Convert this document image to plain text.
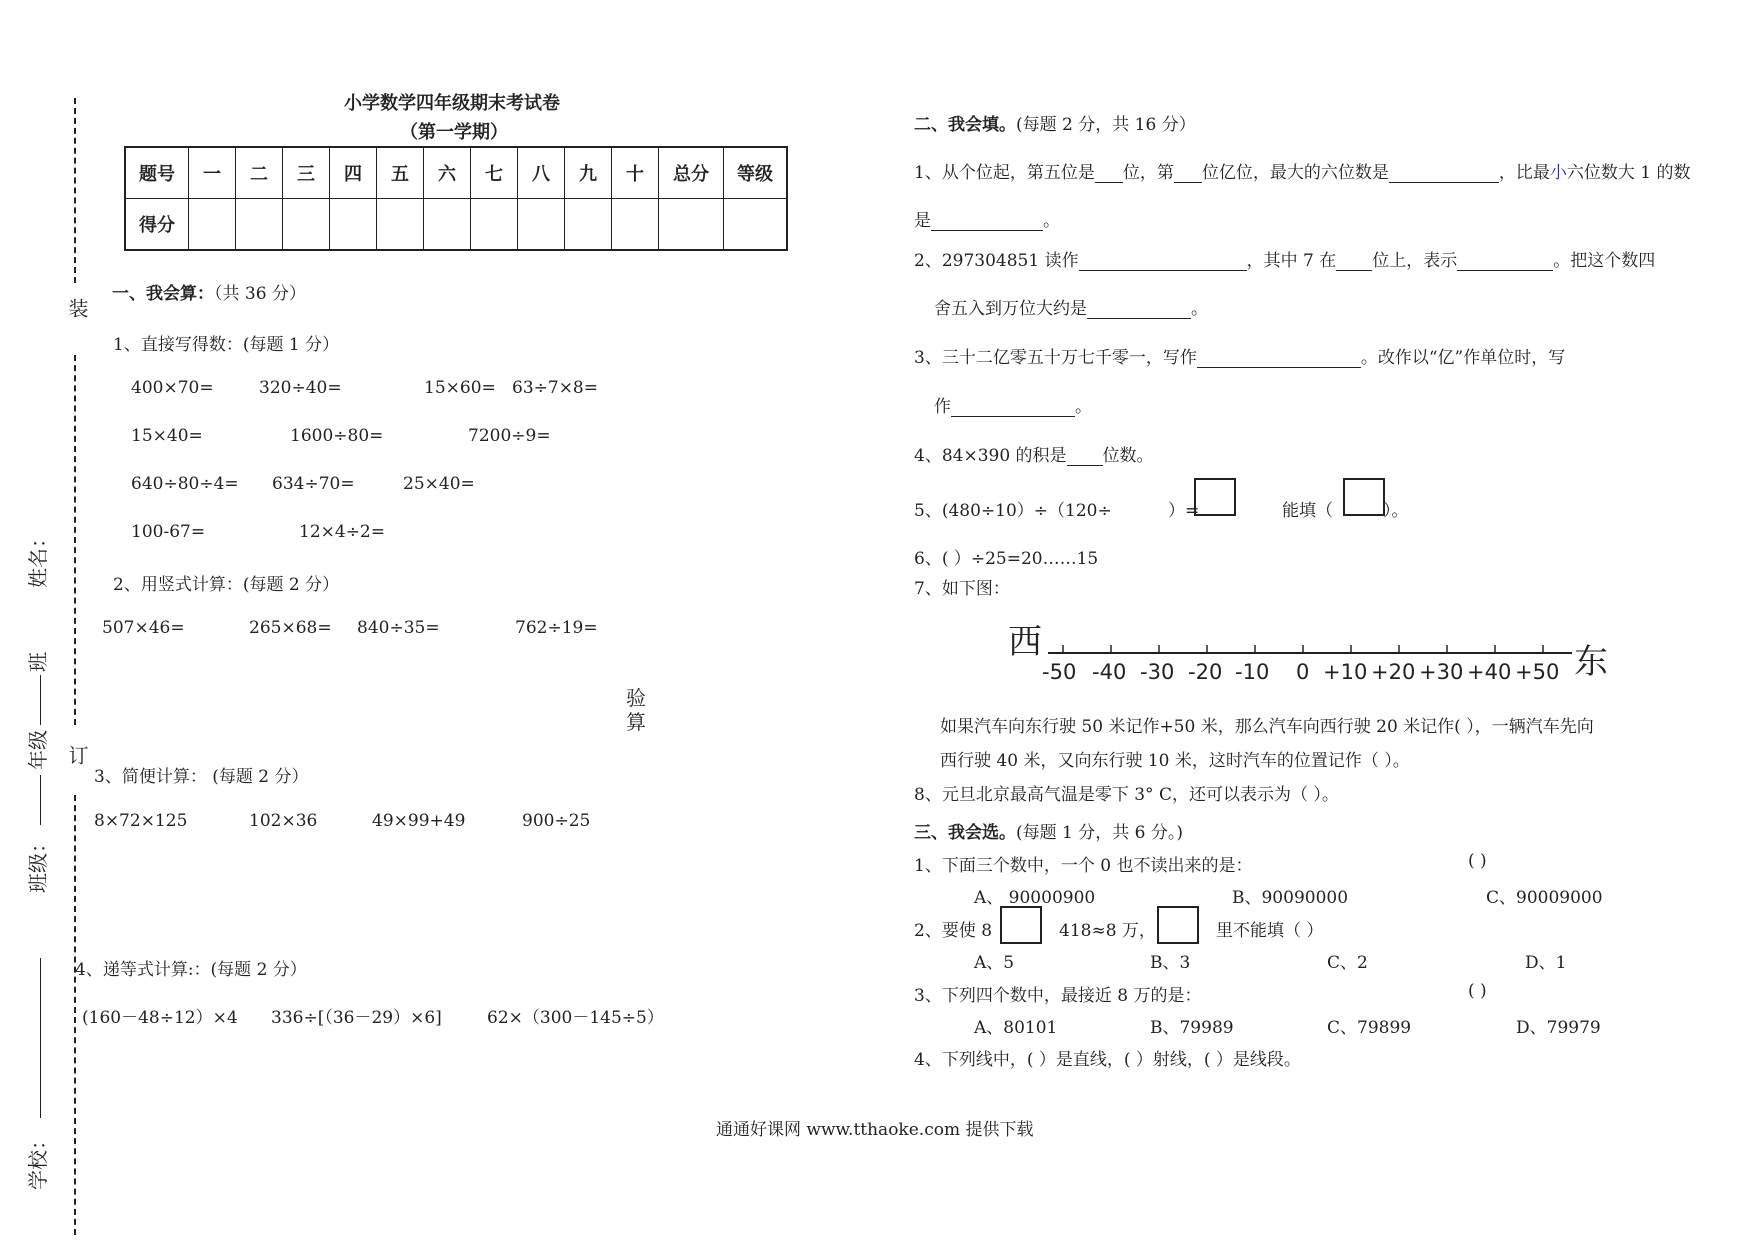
装
订
姓名：
班
年级
班级：
学校：
小学数学四年级期末考试卷
（第一学期）
题号	一	二	三	四	五	六	七	八	九	十	总分	等级
得分												
一、我会算：（共 36 分）
1、直接写得数：(每题 1 分）
400×70=	320÷40=	15×60= 63÷7×8=
15×40=	1600÷80=	7200÷9=
640÷80÷4= 634÷70=	25×40=
100-67=	12×4÷2=
2、用竖式计算：(每题 2 分）
507×46=	265×68= 840÷35=	762÷19=
验算
3、简便计算： (每题 2 分）
8×72×125	102×36	49×99+49	900÷25
4、递等式计算:：(每题 2 分）
(160－48÷12）×4 336÷[（36－29）×6]	62×（300－145÷5）
二、我会填。(每题 2 分，共 16 分）
1、从个位起，第五位是 位，第 位亿位，最大的六位数是	，比最小六位数大 1 的数
是	。
2、297304851 读作	，其中 7 在 位上，表示	。把这个数四
舍五入到万位大约是	。
3、三十二亿零五十万七千零一，写作	。改作以“亿”作单位时，写
作	。
4、84×390 的积是 位数。
5、(480÷10）÷（120÷	）=	能填（	）。
6、( ）÷25=20……15
7、如下图：
西	东
-50 -40 -30 -20 -10 0 +10 +20 +30 +40 +50
如果汽车向东行驶 50 米记作+50 米，那么汽车向西行驶 20 米记作( ），一辆汽车先向
西行驶 40 米，又向东行驶 10 米，这时汽车的位置记作（ ）。
8、元旦北京最高气温是零下 3° C，还可以表示为（ ）。
三、我会选。(每题 1 分，共 6 分。)
1、下面三个数中，一个 0 也不读出来的是：	( )
A、 90000900	B、90090000	C、90009000
2、要使 8	418≈8 万，	里不能填（ ）
A、5	B、3	C、2	D、1
3、下列四个数中，最接近 8 万的是：	( )
A、80101	B、79989	C、79899	D、79979
4、下列线中，( ）是直线，( ）射线，( ）是线段。
通通好课网 www.tthaoke.com 提供下载
